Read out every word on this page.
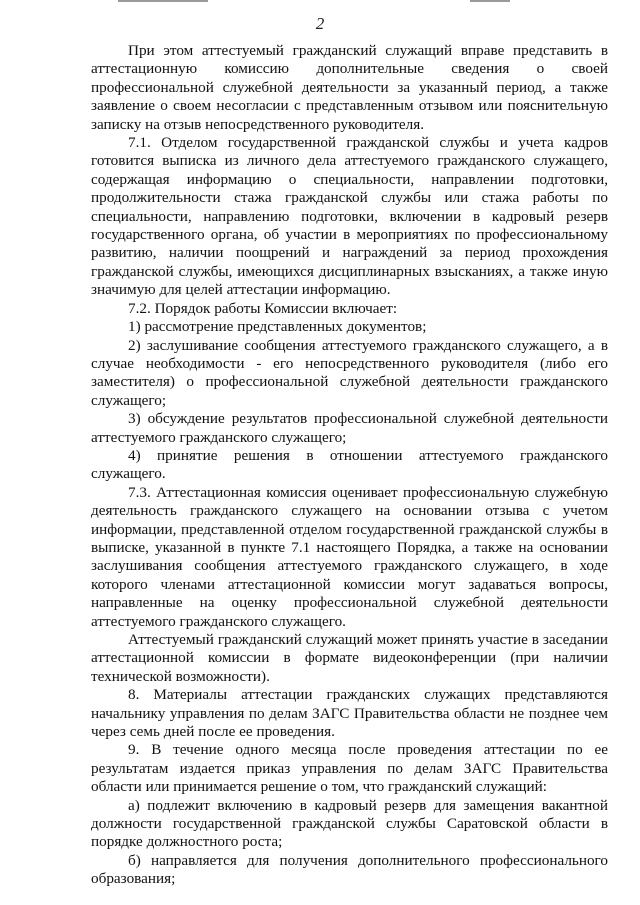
2

При этом аттестуемый гражданский служащий вправе представить в аттестационную комиссию дополнительные сведения о своей профессиональной служебной деятельности за указанный период, а также заявление о своем несогласии с представленным отзывом или пояснительную записку на отзыв непосредственного руководителя.

7.1. Отделом государственной гражданской службы и учета кадров готовится выписка из личного дела аттестуемого гражданского служащего, содержащая информацию о специальности, направлении подготовки, продолжительности стажа гражданской службы или стажа работы по специальности, направлению подготовки, включении в кадровый резерв государственного органа, об участии в мероприятиях по профессиональному развитию, наличии поощрений и награждений за период прохождения гражданской службы, имеющихся дисциплинарных взысканиях, а также иную значимую для целей аттестации информацию.

7.2. Порядок работы Комиссии включает:

1) рассмотрение представленных документов;

2) заслушивание сообщения аттестуемого гражданского служащего, а в случае необходимости - его непосредственного руководителя (либо его заместителя) о профессиональной служебной деятельности гражданского служащего;

3) обсуждение результатов профессиональной служебной деятельности аттестуемого гражданского служащего;

4) принятие решения в отношении аттестуемого гражданского служащего.

7.3. Аттестационная комиссия оценивает профессиональную служебную деятельность гражданского служащего на основании отзыва с учетом информации, представленной отделом государственной гражданской службы в выписке, указанной в пункте 7.1 настоящего Порядка, а также на основании заслушивания сообщения аттестуемого гражданского служащего, в ходе которого членами аттестационной комиссии могут задаваться вопросы, направленные на оценку профессиональной служебной деятельности аттестуемого гражданского служащего.

Аттестуемый гражданский служащий может принять участие в заседании аттестационной комиссии в формате видеоконференции (при наличии технической возможности).

8. Материалы аттестации гражданских служащих представляются начальнику управления по делам ЗАГС Правительства области не позднее чем через семь дней после ее проведения.

9. В течение одного месяца после проведения аттестации по ее результатам издается приказ управления по делам ЗАГС Правительства области или принимается решение о том, что гражданский служащий:

а) подлежит включению в кадровый резерв для замещения вакантной должности государственной гражданской службы Саратовской области в порядке должностного роста;

б) направляется для получения дополнительного профессионального образования;
